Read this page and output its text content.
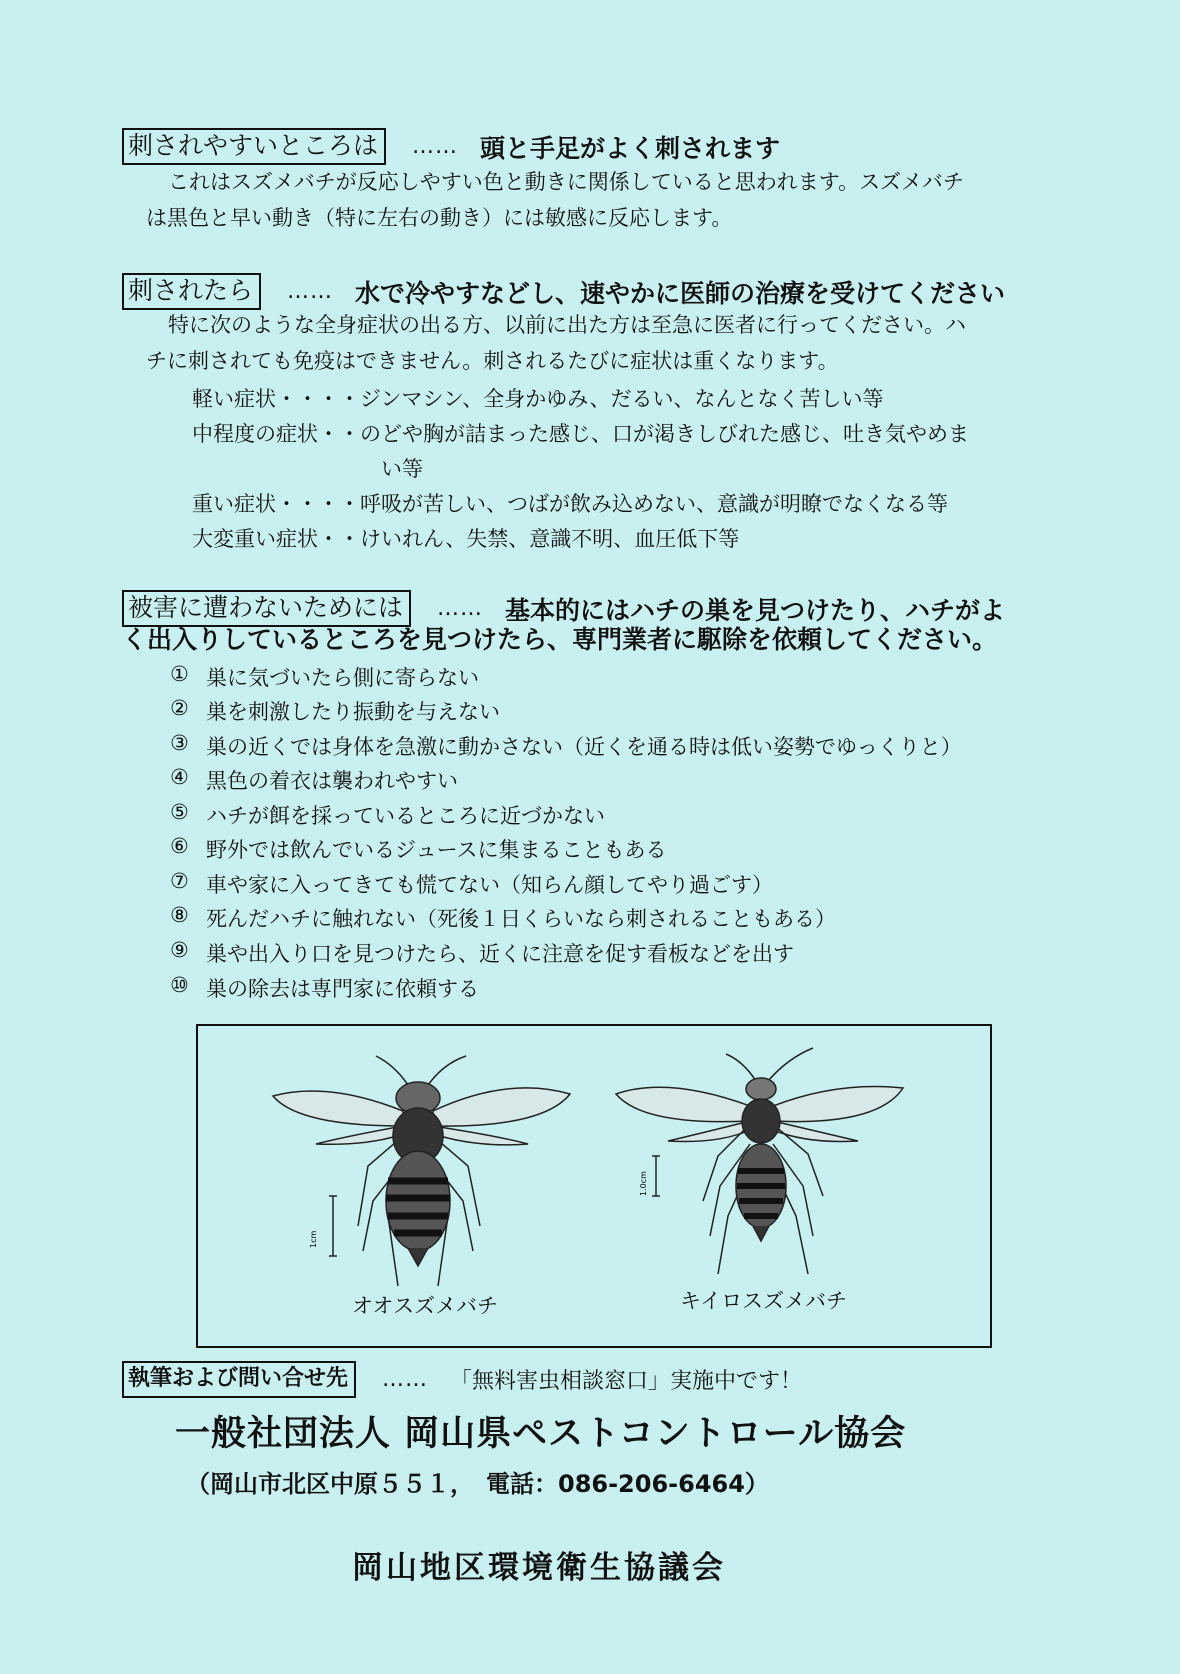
刺されやすいところは	…… 頭と手足がよく刺されます
これはスズメバチが反応しやすい色と動きに関係していると思われます。スズメバチ
は黒色と早い動き（特に左右の動き）には敏感に反応します。
刺されたら	…… 水で冷やすなどし、速やかに医師の治療を受けてください
特に次のような全身症状の出る方、以前に出た方は至急に医者に行ってください。ハ
チに刺されても免疫はできません。刺されるたびに症状は重くなります。
軽い症状・・・・ジンマシン、全身かゆみ、だるい、なんとなく苦しい等
中程度の症状・・のどや胸が詰まった感じ、口が渇きしびれた感じ、吐き気やめま
い等
重い症状・・・・呼吸が苦しい、つばが飲み込めない、意識が明瞭でなくなる等
大変重い症状・・けいれん、失禁、意識不明、血圧低下等
被害に遭わないためには	…… 基本的にはハチの巣を見つけたり、ハチがよ
く出入りしているところを見つけたら、専門業者に駆除を依頼してください。
① 巣に気づいたら側に寄らない
② 巣を刺激したり振動を与えない
③ 巣の近くでは身体を急激に動かさない（近くを通る時は低い姿勢でゆっくりと）
④ 黒色の着衣は襲われやすい
⑤ ハチが餌を採っているところに近づかない
⑥ 野外では飲んでいるジュースに集まることもある
⑦ 車や家に入ってきても慌てない（知らん顔してやり過ごす）
⑧ 死んだハチに触れない（死後１日くらいなら刺されることもある）
⑨ 巣や出入り口を見つけたら、近くに注意を促す看板などを出す
⑩ 巣の除去は専門家に依頼する
1cm
1.0cm
オオスズメバチ	キイロスズメバチ
執筆および問い合せ先	…… 「無料害虫相談窓口」実施中です！
一般社団法人 岡山県ペストコントロール協会
（岡山市北区中原５５１，　電話：086-206-6464）
岡山地区環境衛生協議会
